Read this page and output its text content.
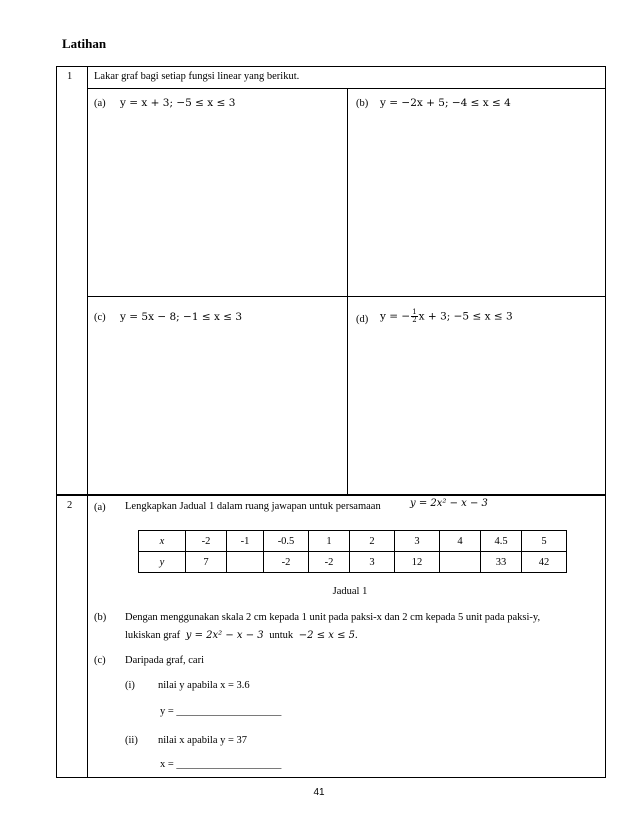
Latihan
1 Lakar graf bagi setiap fungsi linear yang berikut.
(a) y = x + 3; −5 ≤ x ≤ 3	(b) y = −2x + 5; −4 ≤ x ≤ 4
(c) y = 5x − 8; −1 ≤ x ≤ 3	(d) y = − $\frac{1}{2}$ x + 3; −5 ≤ x ≤ 3
2 (a) Lengkapkan Jadual 1 dalam ruang jawapan untuk persamaan	y = 2x² − x − 3
x	-2	-1	-0.5	1	2	3	4	4.5	5
y	7		-2	-2	3	12		33	42
Jadual 1
(b) Dengan menggunakan skala 2 cm kepada 1 unit pada paksi-x dan 2 cm kepada 5 unit pada paksi-y,
lukiskan graf y = 2x² − x − 3 untuk −2 ≤ x ≤ 5.
(c) Daripada graf, cari
(i) nilai y apabila x = 3.6
y = ____________________
(ii) nilai x apabila y = 37
x = ____________________
41
